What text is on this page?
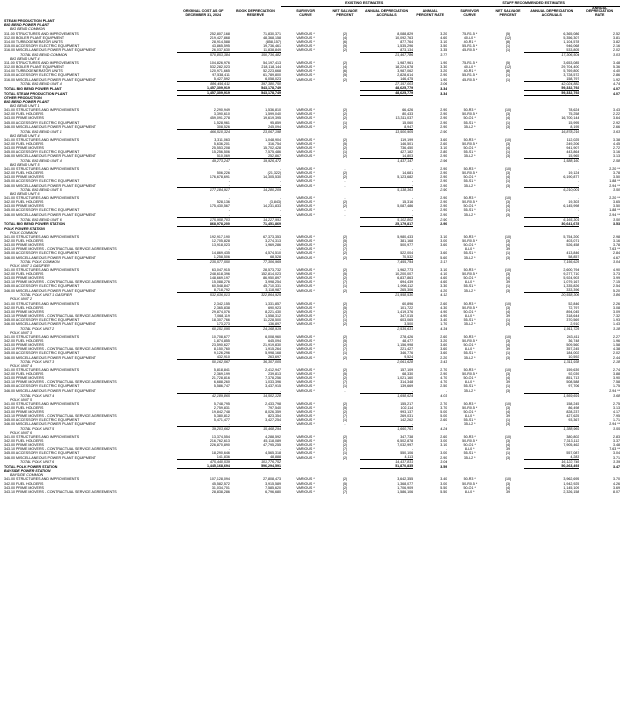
			EXISTING ESTIMATES				STAFF RECOMMENDED ESTIMATES			

	ORIGINAL COST AS OF DECEMBER 31, 2024	BOOK DEPRECIATION RESERVE	SURVIVOR CURVE	NET SALVAGE PERCENT	ANNUAL DEPRECIATION ACCRUALS	ANNUAL PERCENT RATE	SURVIVOR CURVE	NET SALVAGE PERCENT	ANNUAL DEPRECIATION ACCRUALS	ANNUAL DEPRECIATION RATE

STEAM PRODUCTION PLANT										
BIG BEND POWER PLANT										
BIG BEND COMMON										
311.00 STRUCTURES AND IMPROVEMENTS	252,807,168	71,830,371	VARIOUS *	(2)	8,088,829	3.20	75-R1.5 *	(5)	6,365,086	2.52
312.00 BOILER PLANT EQUIPMENT	219,427,868	48,368,158	VARIOUS *	(4)	10,092,763	4.60	40-L0 *	(12)	5,356,307	3.81
314.00 TURBOGENERATOR UNITS	28,914,588	(858,157)	VARIOUS *	(6)	877,764	3.10	40-R1 *	(8)	1,104,578	3.82
315.00 ACCESSORY ELECTRIC EQUIPMENT	43,865,595	19,736,461	VARIOUS *	(5)	1,535,296	3.50	55-R1.5 *	(1)	946,068	2.16
316.00 MISCELLANEOUS POWER PLANT EQUIPMENT	26,037,630	11,838,849	VARIOUS *	(2)	873,134	3.35	45-R0.5 *	(1)	533,805	2.02
TOTAL BIG BEND COMMON	570,853,384	150,736,482			21,467,786	3.77			17,306,504	3.03
BIG BEND UNIT 4										
311.00 STRUCTURES AND IMPROVEMENTS	104,826,976	54,197,413	VARIOUS *	(2)	1,987,961	1.90	75-R1.5 *	(5)	3,653,085	3.48
312.00 BOILER PLANT EQUIPMENT	532,282,023	218,118,144	VARIOUS *	(4)	18,224,678	3.30	40-L0 *	(12)	29,704,400	5.36
314.00 TURBOGENERATOR UNITS	120,971,665	52,223,668	VARIOUS *	(6)	3,987,062	3.20	40-R1 *	(8)	5,769,800	4.40
315.00 ACCESSORY ELECTRIC EQUIPMENT	97,538,411	61,789,800	VARIOUS *	(5)	2,828,614	2.90	55-R1.5 *	(1)	3,728,572	2.86
316.00 MISCELLANEOUS POWER PLANT EQUIPMENT	5,427,592	6,058,023	VARIOUS *	(2)	146,475	1.90	45-R0.5 *	(1)	158,797	1.92
TOTAL BIG BEND UNIT 4	886,456,611	397,380,750			27,157,003	3.06			42,024,882	4.74
TOTAL BIG BEND POWER PLANT	1,457,309,919	543,178,749			48,625,779	3.34			59,332,792	4.07
TOTAL STEAM PRODUCTION PLANT	1,457,309,919	543,178,749			48,625,779	3.34			59,332,792	4.07
OTHER PRODUCTION										
BIG BEND POWER PLANT										
BIG BEND UNIT 1										
341.00 STRUCTURES AND IMPROVEMENTS	2,290,949	1,536,810	VARIOUS *	(2)	66,426	2.90	50-R3 *	(10)	78,624	3.43
342.00 FUEL HOLDERS	3,390,610	1,599,040	VARIOUS *	(2)	80,433	2.90	50-R0.5 *	(3)	75,258	2.22
343.00 PRIME MOVERS	459,091,278	19,619,395	VARIOUS *	(2)	13,311,037	2.90	50-O1 *	(4)	16,700,144	3.64
345.00 ACCESSORY ELECTRIC EQUIPMENT	1,528,961	95,859	VARIOUS *	(1)	15,060	2.90	55-S1 *	(1)	15,995	2.92
346.00 MISCELLANEOUS POWER PLANT EQUIPMENT	308,526	245,094	VARIOUS *	(2)	8,947	2.90	35-L2 *	(3)	8,195	2.66
TOTAL BIG BEND UNIT 1	466,510,324	23,067,198			13,500,905	2.90			16,878,216	3.63
BIG BEND UNIT 4										
341.00 STRUCTURES AND IMPROVEMENTS	3,311,063	1,048,904	VARIOUS *	(2)	119,199	3.60	50-R3 *	(10)	112,025	3.38
342.00 FUEL HOLDERS	5,636,201	316,754	VARIOUS *	(5)	146,501	2.60	50-R0.5 *	(3)	249,206	4.45
343.00 PRIME MOVERS	25,553,208	15,702,428	VARIOUS *	(2)	736,450	3.10	50-O1 *	(4)	941,907	2.72
345.00 ACCESSORY ELECTRIC EQUIPMENT	15,256,506	7,575,486	VARIOUS *	(1)	427,182	2.80	55-S1 *	(1)	443,864	3.16
346.00 MISCELLANEOUS POWER PLANT EQUIPMENT	510,069	252,867	VARIOUS *	(2)	14,803	2.90	35-L2 *	(3)	15,965	3.13
TOTAL BIG BEND UNIT 4	49,273,247	19,926,472			1,437,147	2.96			1,588,160	2.58
BIG BEND UNIT 5										
341.00 STRUCTURES AND IMPROVEMENTS	-	-	VARIOUS *	-	-	2.90	50-R3 *	(10)	-	2.20 **
342.00 FUEL HOLDERS	506,226	(21,322)	VARIOUS *	(2)	14,681	2.90	50-R0.5 *	(3)	19,124	3.78
343.00 PRIME MOVERS	176,678,691	14,305,530	VARIOUS *	(2)	5,123,682	2.90	50-O1 *	(4)	6,190,877	3.50
345.00 ACCESSORY ELECTRIC EQUIPMENT	-	-	VARIOUS *	-	-	2.90	55-S1 *	(1)	-	1.88 **
346.00 MISCELLANEOUS POWER PLANT EQUIPMENT	-	-	VARIOUS *	-	-	2.90	35-L2 *	(3)	-	2.94 **
TOTAL BIG BEND UNIT 5	177,184,917	14,280,209			5,138,363	2.90			6,210,001	3.50
BIG BEND UNIT 6										
341.00 STRUCTURES AND IMPROVEMENTS	-	-	VARIOUS *	-	-	2.90	50-R3 *	(10)	-	2.20 **
342.00 FUEL HOLDERS	528,136	(3,843)	VARIOUS *	(2)	15,316	2.90	50-R0.5 *	(3)	19,303	3.65
343.00 PRIME MOVERS	175,430,567	14,231,833	VARIOUS *	(2)	5,087,486	2.90	50-O1 *	(4)	6,145,998	3.50
345.00 ACCESSORY ELECTRIC EQUIPMENT	-	-	VARIOUS *	-	-	2.90	55-S1 *	(1)	-	1.88 **
346.00 MISCELLANEOUS POWER PLANT EQUIPMENT	-	-	VARIOUS *	-	-	2.90	35-L2 *	(3)	-	2.94 **
TOTAL BIG BEND UNIT 6	175,958,703	14,227,991			5,102,802	2.90			6,165,301	3.50
TOTAL BIG BEND POWER STATION	868,978,200	71,451,869			25,179,817	2.90			30,641,678	3.53
POLK POWER STATION										
POLK COMMON										
341.00 STRUCTURES AND IMPROVEMENTS	192,917,190	67,373,353	VARIOUS *	(2)	5,980,433	3.10	50-R3 *	(10)	5,754,200	2.98
342.00 FUEL HOLDERS	12,705,828	3,274,313	VARIOUS *	(5)	381,168	3.00	50-R0.5 *	(3)	403,071	3.16
343.00 PRIME MOVERS	13,918,023	1,969,286	VARIOUS *	(2)	500,977	3.60	50-O1 *	(4)	526,458	3.78
343.10 PRIME MOVERS - CONTRACTUAL SERVICE AGREEMENTS	-	-	VARIOUS *	(7)	-	-	8-L0 *	39	-	7.63 **
345.00 ACCESSORY ELECTRIC EQUIPMENT	14,869,435	4,574,510	VARIOUS *	(2)	522,004	3.60	55-S1 *	(1)	413,846	2.84
346.00 MISCELLANEOUS POWER PLANT EQUIPMENT	1,258,506	68,528	VARIOUS *	(2)	70,532	5.60	35-L2 *	(3)	58,857	4.67
TOTAL POLK COMMON	235,577,550	77,306,969			7,455,794	3.17			7,156,625	3.04
POLK UNIT 1 GASIFIER										
341.00 STRUCTURES AND IMPROVEMENTS	63,047,915	28,573,732	VARIOUS *	(2)	1,962,773	3.10	50-R3 *	(10)	2,600,794	4.90
342.00 FUEL HOLDERS	248,618,396	152,814,023	VARIOUS *	(5)	10,200,007	4.10	50-R0.5 *	(3)	9,277,710	3.73
343.00 PRIME MOVERS	148,669,197	86,950,897	VARIOUS *	(2)	6,837,863	4.60	50-O1 *	(4)	5,924,903	3.99
343.10 PRIME MOVERS - CONTRACTUAL SERVICE AGREEMENTS	15,088,276	3,998,254	VARIOUS *	(7)	694,439	4.60	8-L0 *	39	1,079,167	7.15
345.00 ACCESSORY ELECTRIC EQUIPMENT	60,548,847	45,710,331	VARIOUS *	(1)	1,998,112	3.30	55-S1 *	(1)	1,335,826	2.54
346.00 MISCELLANEOUS POWER PLANT EQUIPMENT	8,718,792	3,118,987	VARIOUS *	(2)	265,306	4.20	35-L2 *	(3)	333,396	5.20
TOTAL POLK UNIT 1 GASIFIER	532,636,013	322,864,925			21,958,530	4.12			20,558,306	3.86
POLK UNIT 2										
341.00 STRUCTURES AND IMPROVEMENTS	2,342,155	1,331,857	VARIOUS *	(2)	60,896	2.60	50-R3 *	(10)	52,846	2.26
342.00 FUEL HOLDERS	2,365,838	690,923	VARIOUS *	(5)	101,722	4.30	50-R0.5 *	(3)	72,797	3.08
343.00 PRIME MOVERS	29,874,076	8,221,430	VARIOUS *	(2)	1,419,376	4.90	50-O1 *	(4)	894,045	3.09
343.10 PRIME MOVERS - CONTRACTUAL SERVICE AGREEMENTS	7,068,119	1,558,312	VARIOUS *	(7)	347,015	4.90	8-L0 *	39	318,644	7.32
345.00 ACCESSORY ELECTRIC EQUIPMENT	18,307,766	11,228,500	VARIOUS *	(1)	603,065	3.40	55-S1 *	(1)	370,569	1.93
346.00 MISCELLANEOUS POWER PLANT EQUIPMENT	173,273	136,897	VARIOUS *	(2)	3,500	1.70	35-L2 *	(3)	2,910	1.43
TOTAL POLK UNIT 2	60,151,095	24,168,919			2,535,631	4.34			1,911,725	3.18
POLK UNIT 3										
341.00 STRUCTURES AND IMPROVEMENTS	10,708,677	6,008,960	VARIOUS *	(2)	278,426	2.60	50-R3 *	(10)	243,411	2.27
342.00 FUEL HOLDERS	1,874,855	645,094	VARIOUS *	(5)	48,477	3.20	50-R0.5 *	(3)	36,748	1.96
343.00 PRIME MOVERS	23,590,627	21,919,830	VARIOUS *	(2)	1,156,998	3.60	50-O1 *	(4)	509,560	1.58
343.10 PRIME MOVERS - CONTRACTUAL SERVICE AGREEMENTS	8,150,760	1,915,264	VARIOUS *	(7)	221,427	3.60	8-L0 *	39	357,245	4.38
345.00 ACCESSORY ELECTRIC EQUIPMENT	9,126,296	5,998,168	VARIOUS *	(1)	346,776	3.60	55-S1 *	(1)	184,002	2.02
346.00 MISCELLANEOUS POWER PLANT EQUIPMENT	432,910	263,697	VARIOUS *	(2)	9,524	2.20	35-L2 *	(3)	10,592	2.44
TOTAL POLK UNIT 3	50,162,567	36,307,005			2,061,628	3.43			1,311,938	2.18
POLK UNIT 4										
341.00 STRUCTURES AND IMPROVEMENTS	5,818,841	2,412,947	VARIOUS *	(2)	157,109	2.70	50-R3 *	(10)	159,639	2.74
342.00 FUEL HOLDERS	2,369,199	239,813	VARIOUS *	(5)	68,330	2.90	50-R0.5 *	(3)	92,039	3.88
343.00 PRIME MOVERS	21,728,816	7,378,256	VARIOUS *	(2)	1,021,160	4.70	50-O1 *	(4)	851,713	3.90
343.10 PRIME MOVERS - CONTRACTUAL SERVICE AGREEMENTS	6,688,260	1,033,396	VARIOUS *	(7)	314,348	4.70	8-L0 *	39	508,588	7.58
345.00 ACCESSORY ELECTRIC EQUIPMENT	5,586,747	3,437,915	VARIOUS *	(1)	139,669	2.50	55-S1 *	(1)	97,706	1.75
346.00 MISCELLANEOUS POWER PLANT EQUIPMENT	-	-	VARIOUS *	-	-	-	35-L2 *	(3)	-	2.94 **
TOTAL POLK UNIT 4	42,189,865	14,502,128			1,698,624	4.03			1,569,691	3.68
POLK UNIT 5										
341.00 STRUCTURES AND IMPROVEMENTS	5,748,795	2,433,798	VARIOUS *	(2)	155,217	2.70	50-R3 *	(10)	158,245	2.75
342.00 FUEL HOLDERS	2,759,831	797,540	VARIOUS *	(5)	102,114	3.70	50-R0.5 *	(3)	86,498	3.13
343.00 PRIME MOVERS	19,842,748	8,026,359	VARIOUS *	(2)	993,137	5.00	50-O1 *	(4)	828,237	4.17
343.10 PRIME MOVERS - CONTRACTUAL SERVICE AGREEMENTS	5,380,812	823,354	VARIOUS *	(7)	269,031	5.00	8-L0 *	39	427,625	7.95
345.00 ACCESSORY ELECTRIC EQUIPMENT	5,471,477	3,427,254	VARIOUS *	(1)	142,262	2.60	55-S1 *	(1)	93,367	1.71
346.00 MISCELLANEOUS POWER PLANT EQUIPMENT	-	-	VARIOUS *	-	-	-	35-L2 *	(3)	-	2.94 **
TOTAL POLK UNIT 5	39,203,662	15,468,294			1,660,761	4.24			1,388,969	3.55
POLK UNIT 6										
341.00 STRUCTURES AND IMPROVEMENTS	13,374,554	4,288,592	VARIOUS *	(2)	347,738	2.60	50-R3 *	(10)	380,802	2.83
342.00 FUEL HOLDERS	216,762,613	45,118,089	VARIOUS *	(5)	6,502,878	3.00	50-R0.5 *	(3)	7,313,112	3.37
343.00 PRIME MOVERS	226,870,890	47,795,255	VARIOUS *	(2)	7,032,997	3.10	50-O1 *	(4)	7,905,462	3.48
343.10 PRIME MOVERS - CONTRACTUAL SERVICE AGREEMENTS	-	-	VARIOUS *	(7)	-	-	8-L0 *	39	-	7.63 **
345.00 ACCESSORY ELECTRIC EQUIPMENT	18,290,646	4,565,318	VARIOUS *	(1)	550,106	3.00	55-S1 *	(1)	557,087	3.04
346.00 MISCELLANEOUS POWER PLANT EQUIPMENT	141,836	48,888	VARIOUS *	(2)	4,113	2.90	35-L2 *	(3)	4,283	3.71
TOTAL POLK UNIT 6	475,440,539	101,776,752			14,437,831	3.04			16,122,746	3.39
TOTAL POLK POWER STATION	1,445,168,694	596,294,591			51,870,835	3.59			50,263,493	3.47
BAYSIDE POWER STATION										
BAYSIDE COMMON										
341.00 STRUCTURES AND IMPROVEMENTS	107,128,094	27,808,473	VARIOUS *	(2)	3,642,355	3.40	50-R3 *	(10)	3,962,695	3.70
342.00 FUEL HOLDERS	45,582,572	3,915,589	VARIOUS *	(5)	1,368,077	3.00	50-R0.5 *	(3)	1,942,925	4.26
343.00 PRIME MOVERS	31,034,701	7,585,620	VARIOUS *	(2)	1,706,909	5.50	50-O1 *	(4)	1,145,109	3.69
343.10 PRIME MOVERS - CONTRACTUAL SERVICE AGREEMENTS	28,838,286	6,796,680	VARIOUS *	(7)	1,586,106	5.50	8-L0 *	39	2,326,158	8.07
